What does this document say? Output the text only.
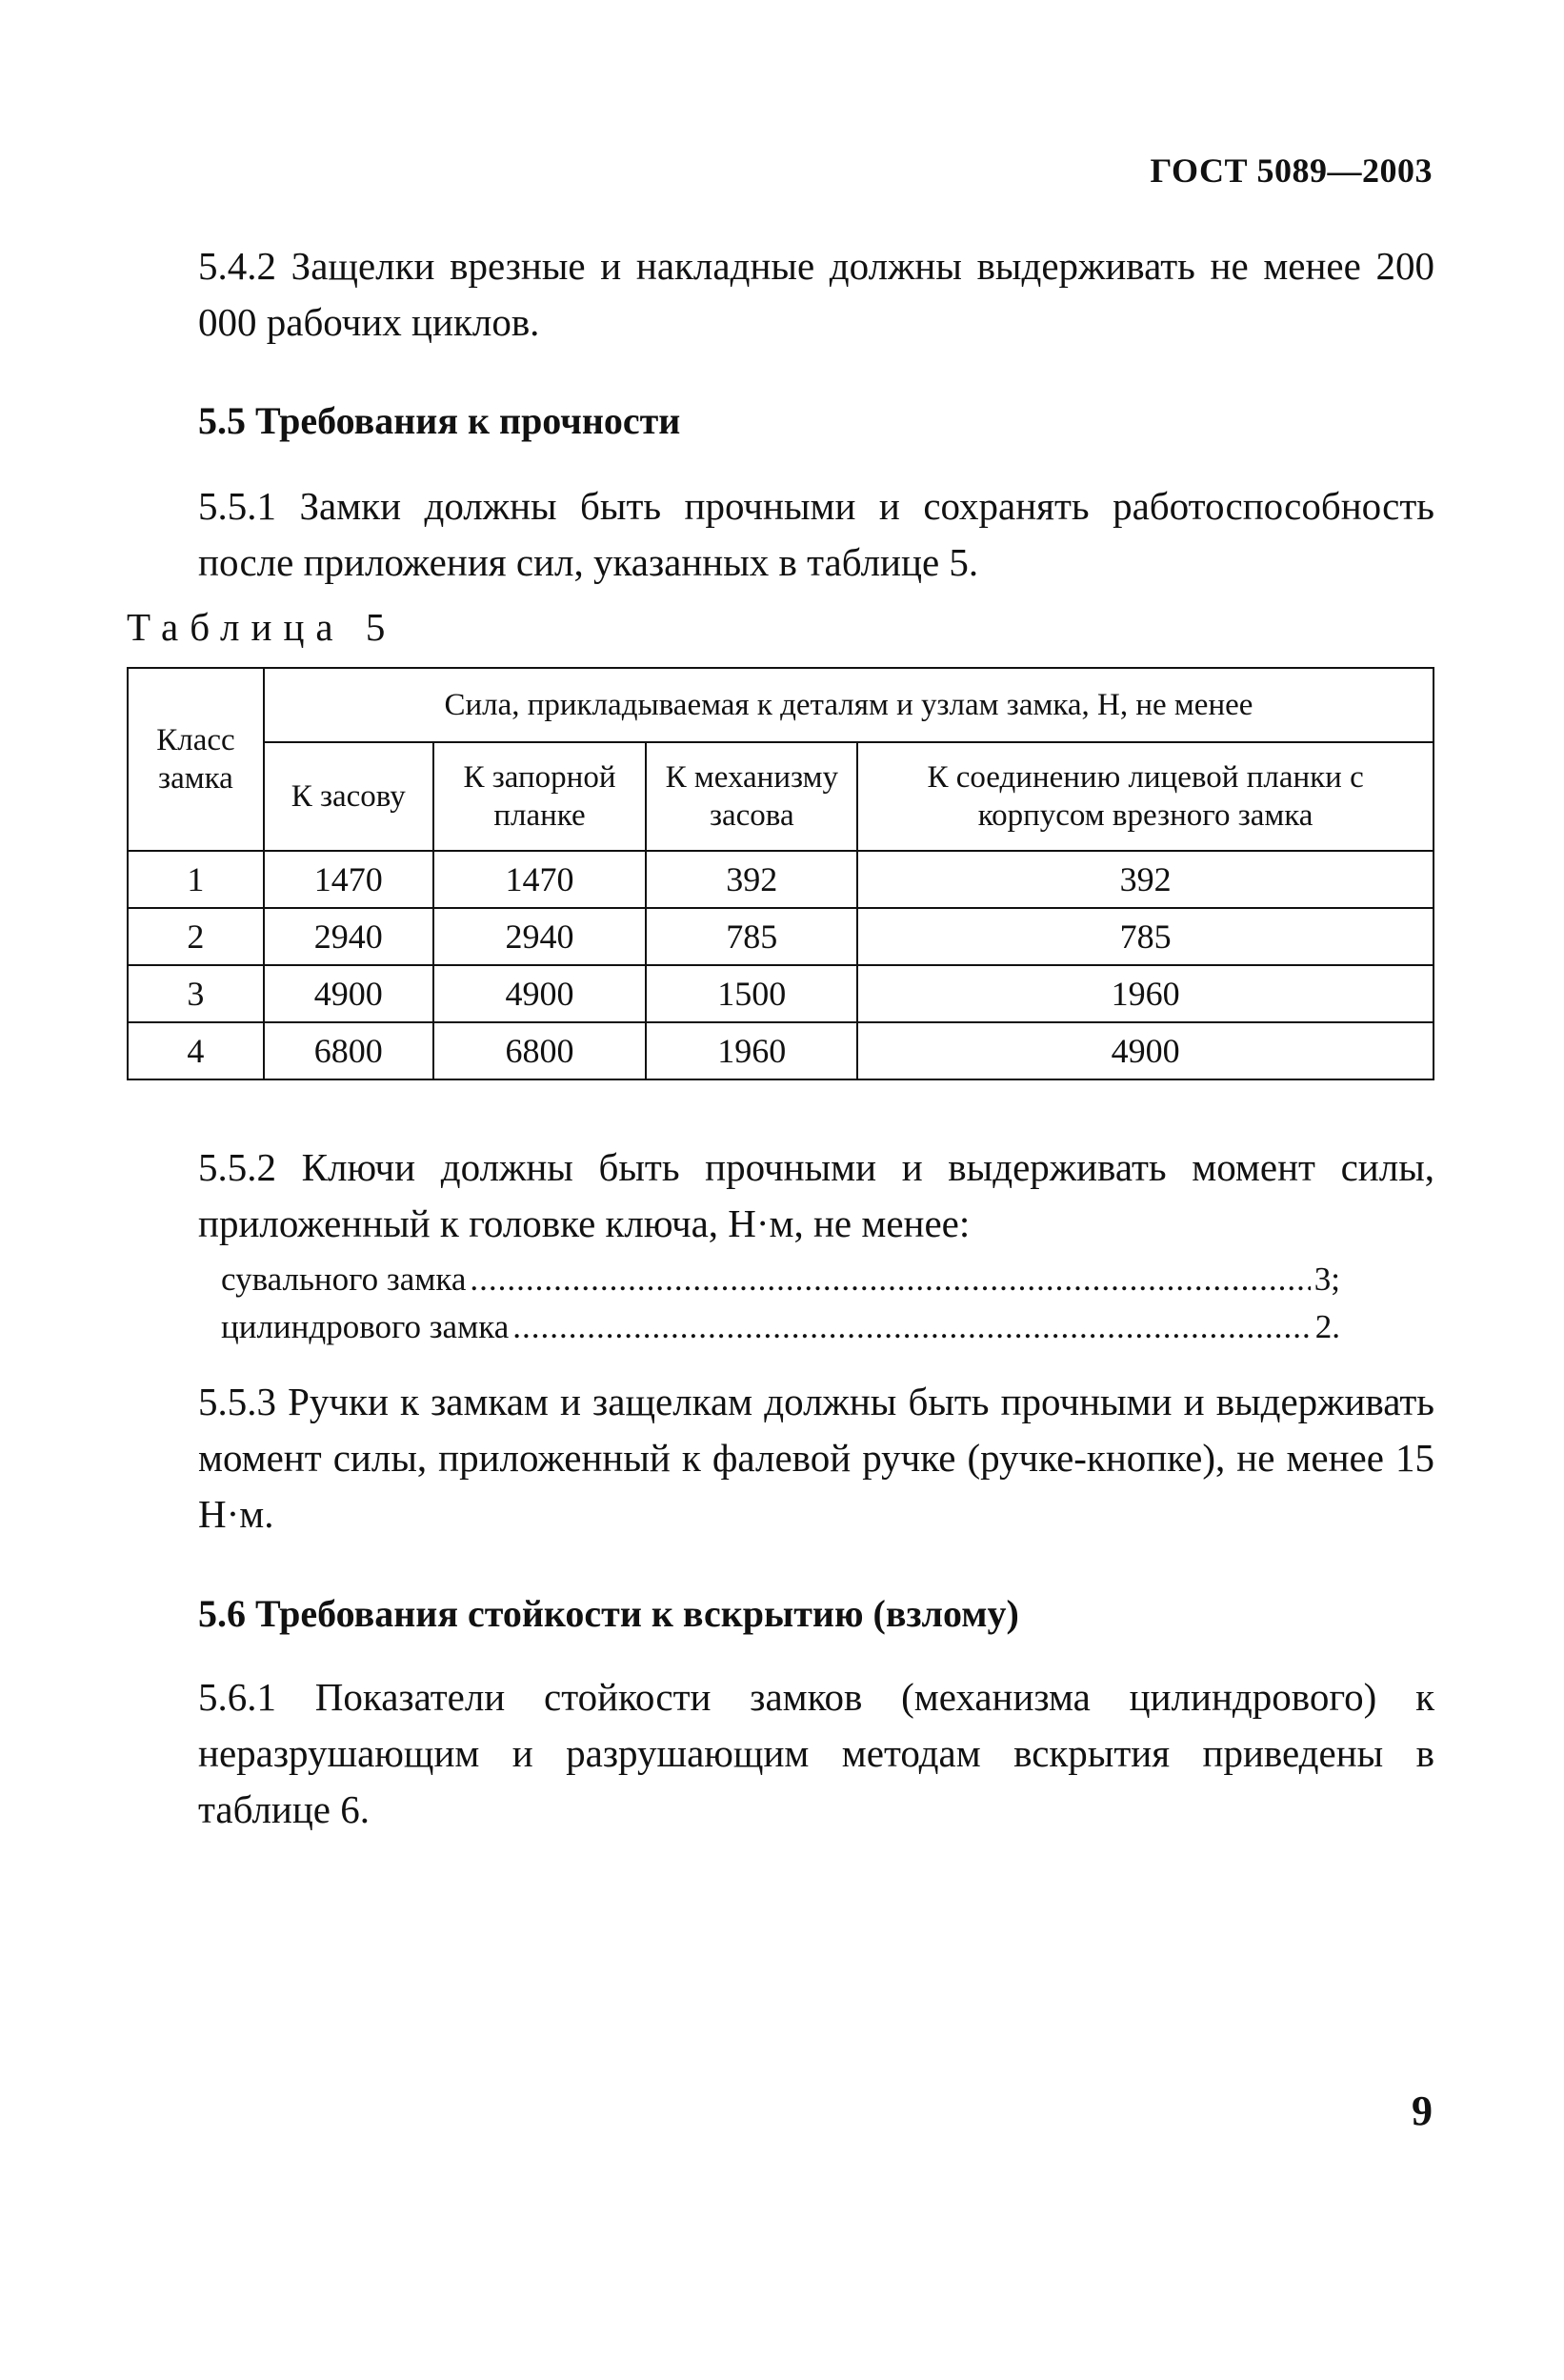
ГОСТ 5089—2003
5.4.2 Защелки врезные и накладные должны выдерживать не менее 200 000 рабочих циклов.
5.5 Требования к прочности
5.5.1 Замки должны быть прочными и сохранять работоспособность после приложения сил, указанных в таблице 5.
Таблица 5
Класс замка	Сила, прикладываемая к деталям и узлам замка, Н, не менее			
	К засову	К запорной планке	К механизму засова	К соединению лицевой планки с корпусом врезного замка
1	1470	1470	392	392
2	2940	2940	785	785
3	4900	4900	1500	1960
4	6800	6800	1960	4900
5.5.2 Ключи должны быть прочными и выдерживать момент силы, приложенный к головке ключа, Н·м, не менее:
сувального замка .....	3;
цилиндрового замка .....	2.
5.5.3 Ручки к замкам и защелкам должны быть прочными и выдерживать момент силы, приложенный к фалевой ручке (ручке-кнопке), не менее 15 Н·м.
5.6 Требования стойкости к вскрытию (взлому)
5.6.1 Показатели стойкости замков (механизма цилиндрового) к неразрушающим и разрушающим методам вскрытия приведены в таблице 6.
9
